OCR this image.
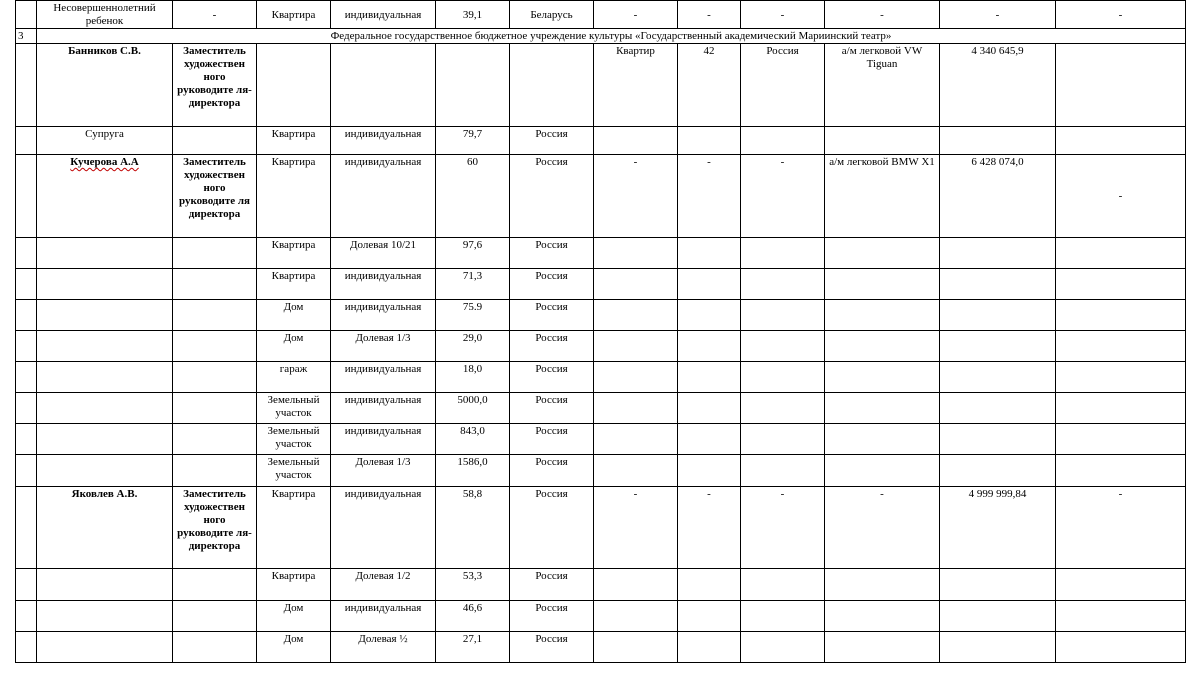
	Несовершеннолетний ребенок	-	Квартира	индивидуальная	39,1	Беларусь	-	-	-	-	-	-
3	Федеральное государственное бюджетное учреждение культуры «Государственный академический Мариинский театр»											
	Банников С.В.	Заместитель художествен ного руководите ля-директора					Квартир	42	Россия	а/м легковой VW Tiguan	4 340 645,9	
	Супруга		Квартира	индивидуальная	79,7	Россия						
	Кучерова А.А	Заместитель художествен ного руководите ля директора	Квартира	индивидуальная	60	Россия	-	-	-	а/м легковой BMW X1	6 428 074,0	-
			Квартира	Долевая 10/21	97,6	Россия						
			Квартира	индивидуальная	71,3	Россия						
			Дом	индивидуальная	75.9	Россия						
			Дом	Долевая 1/3	29,0	Россия						
			гараж	индивидуальная	18,0	Россия						
			Земельный участок	индивидуальная	5000,0	Россия						
			Земельный участок	индивидуальная	843,0	Россия						
			Земельный участок	Долевая 1/3	1586,0	Россия						
	Яковлев А.В.	Заместитель художествен ного руководите ля-директора	Квартира	индивидуальная	58,8	Россия	-	-	-	-	4 999 999,84	-
			Квартира	Долевая 1/2	53,3	Россия						
			Дом	индивидуальная	46,6	Россия						
			Дом	Долевая ½	27,1	Россия						
